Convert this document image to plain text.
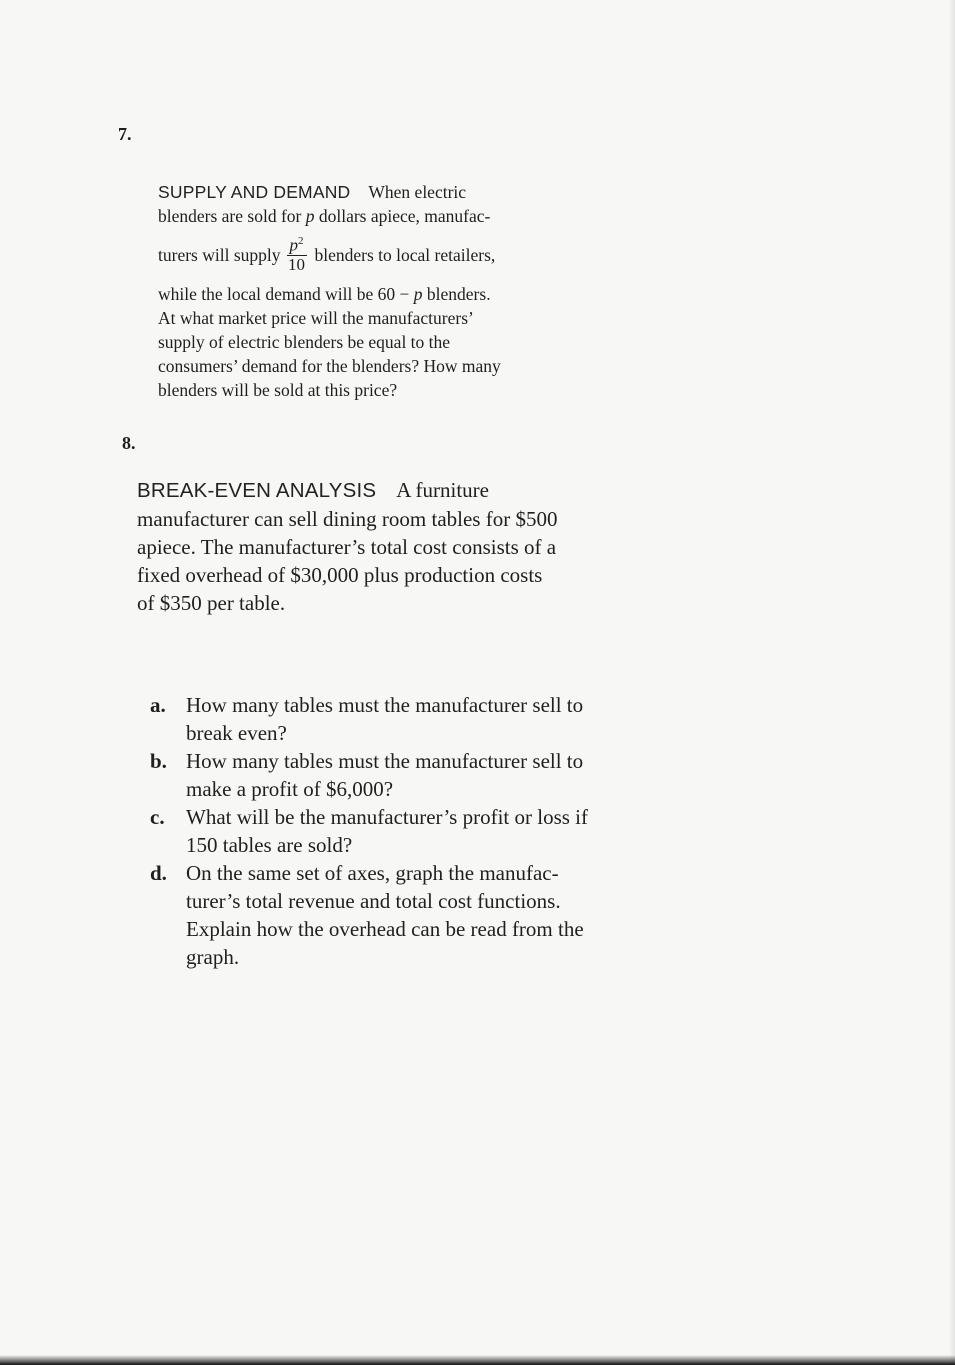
7.
SUPPLY AND DEMAND When electric
blenders are sold for p dollars apiece, manufac-
turers will supply $\frac{p^2}{10}$ blenders to local retailers,
while the local demand will be 60 − p blenders.
At what market price will the manufacturers’
supply of electric blenders be equal to the
consumers’ demand for the blenders? How many
blenders will be sold at this price?
8.
BREAK-EVEN ANALYSIS A furniture
manufacturer can sell dining room tables for $500
apiece. The manufacturer’s total cost consists of a
fixed overhead of $30,000 plus production costs
of $350 per table.
a. How many tables must the manufacturer sell to
break even?
b. How many tables must the manufacturer sell to
make a profit of $6,000?
c.	What will be the manufacturer’s profit or loss if
150 tables are sold?
d. On the same set of axes, graph the manufac-
turer’s total revenue and total cost functions.
Explain how the overhead can be read from the
graph.
